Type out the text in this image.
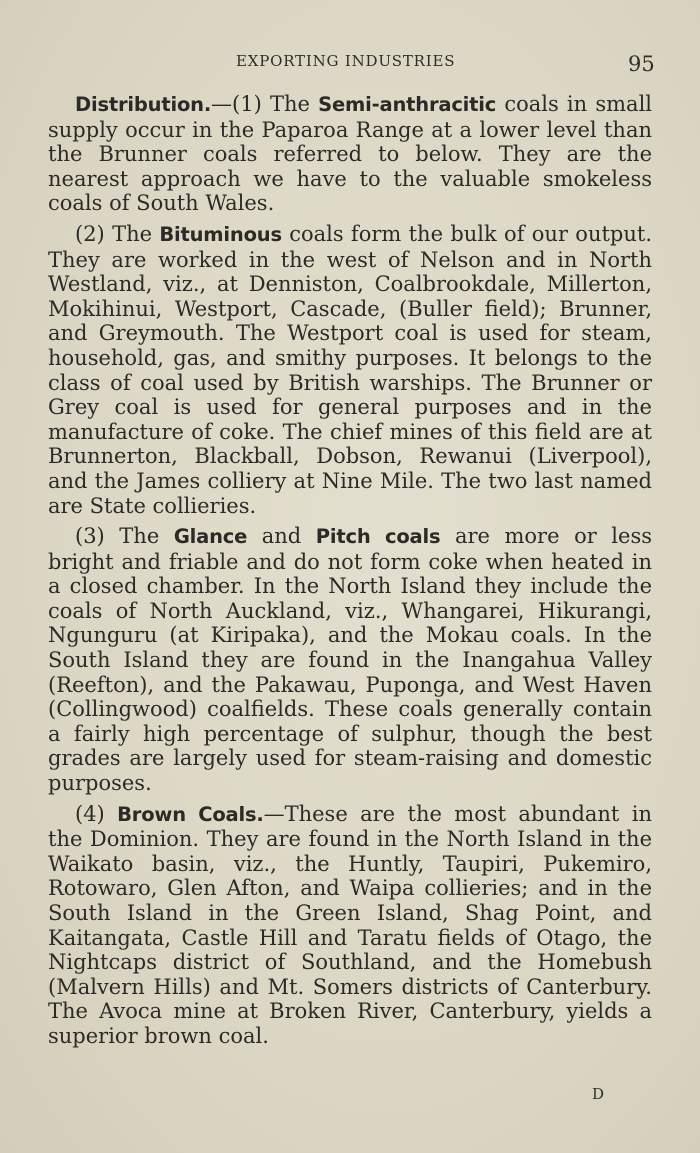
EXPORTING INDUSTRIES	95

Distribution.—(1) The Semi-anthracitic coals in small supply occur in the Paparoa Range at a lower level than the Brunner coals referred to below. They are the nearest approach we have to the valuable smokeless coals of South Wales.

(2) The Bituminous coals form the bulk of our output. They are worked in the west of Nelson and in North Westland, viz., at Denniston, Coalbrookdale, Millerton, Mokihinui, Westport, Cascade, (Buller field); Brunner, and Greymouth. The Westport coal is used for steam, household, gas, and smithy purposes. It belongs to the class of coal used by British warships. The Brunner or Grey coal is used for general purposes and in the manufacture of coke. The chief mines of this field are at Brunnerton, Blackball, Dobson, Rewanui (Liverpool), and the James colliery at Nine Mile. The two last named are State collieries.

(3) The Glance and Pitch coals are more or less bright and friable and do not form coke when heated in a closed chamber. In the North Island they include the coals of North Auckland, viz., Whangarei, Hikurangi, Ngunguru (at Kiripaka), and the Mokau coals. In the South Island they are found in the Inangahua Valley (Reefton), and the Pakawau, Puponga, and West Haven (Collingwood) coalfields. These coals generally contain a fairly high percentage of sulphur, though the best grades are largely used for steam-raising and domestic purposes.

(4) Brown Coals.—These are the most abundant in the Dominion. They are found in the North Island in the Waikato basin, viz., the Huntly, Taupiri, Pukemiro, Rotowaro, Glen Afton, and Waipa collieries; and in the South Island in the Green Island, Shag Point, and Kaitangata, Castle Hill and Taratu fields of Otago, the Nightcaps district of Southland, and the Homebush (Malvern Hills) and Mt. Somers districts of Canterbury. The Avoca mine at Broken River, Canterbury, yields a superior brown coal.

D
